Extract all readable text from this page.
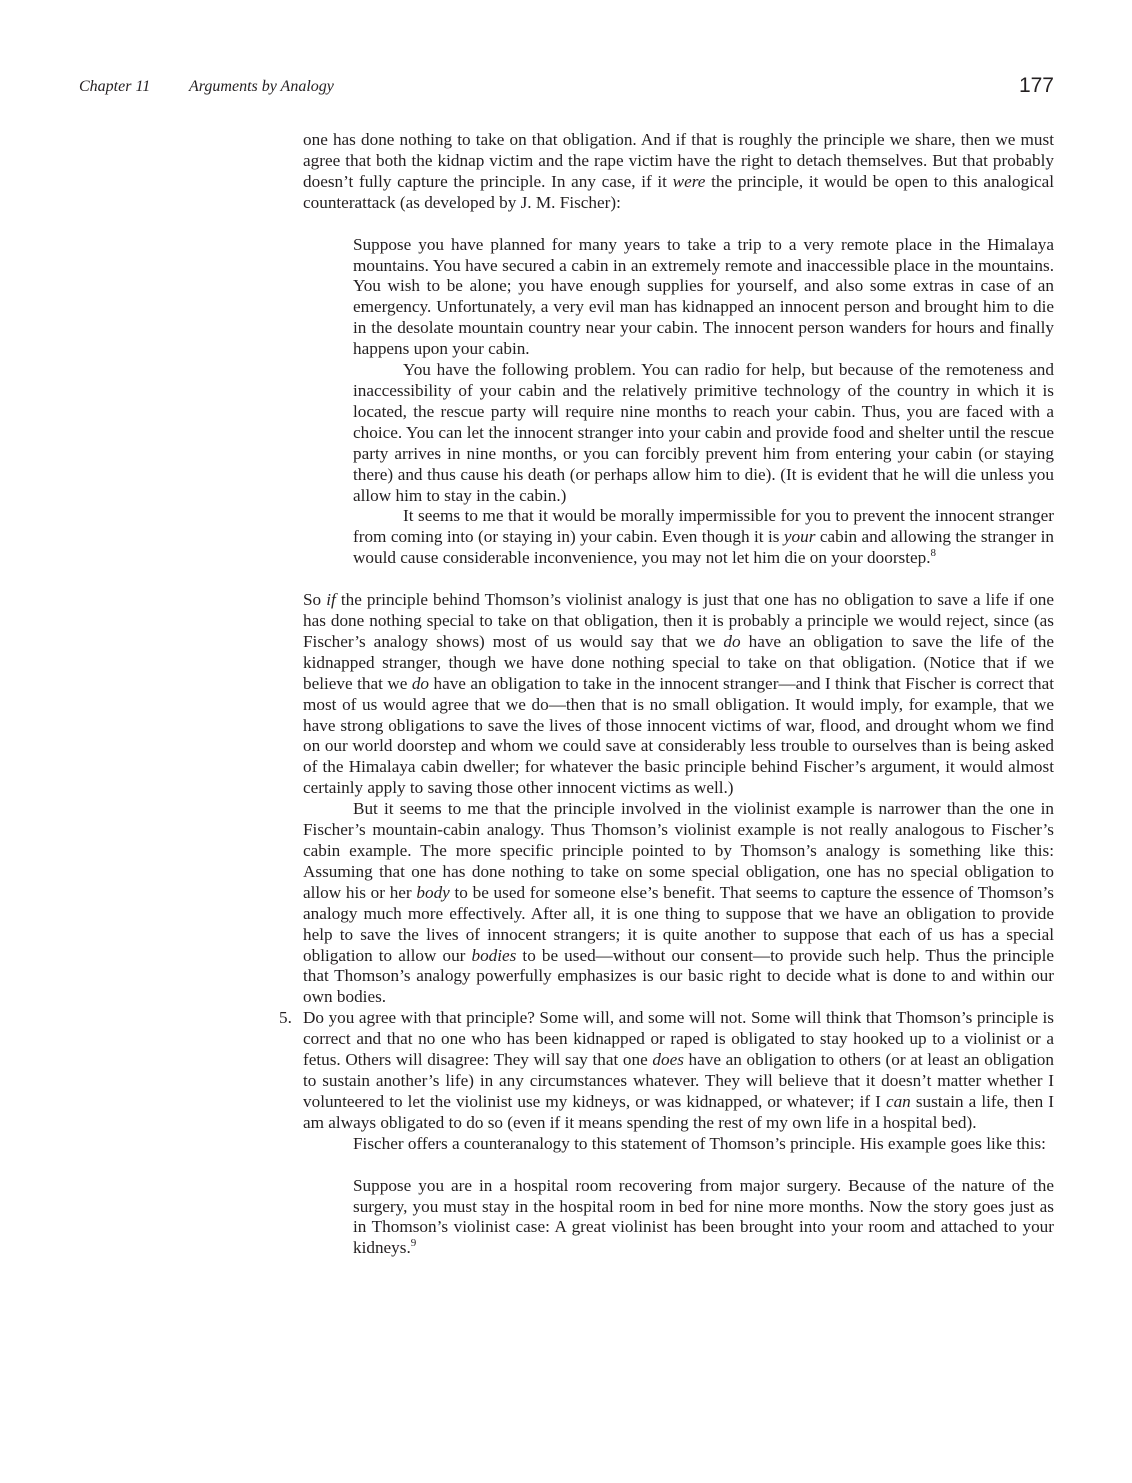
Chapter 11 Arguments by Analogy	177

one has done nothing to take on that obligation. And if that is roughly the principle we share, then we must agree that both the kidnap victim and the rape victim have the right to detach themselves. But that probably doesn’t fully capture the principle. In any case, if it were the principle, it would be open to this analogical counterattack (as developed by J. M. Fischer):

Suppose you have planned for many years to take a trip to a very remote place in the Himalaya mountains. You have secured a cabin in an extremely remote and inaccessible place in the mountains. You wish to be alone; you have enough supplies for yourself, and also some extras in case of an emergency. Unfortunately, a very evil man has kidnapped an innocent person and brought him to die in the desolate mountain country near your cabin. The innocent person wanders for hours and finally happens upon your cabin.

You have the following problem. You can radio for help, but because of the remoteness and inaccessibility of your cabin and the relatively primitive technology of the country in which it is located, the rescue party will require nine months to reach your cabin. Thus, you are faced with a choice. You can let the innocent stranger into your cabin and provide food and shelter until the rescue party arrives in nine months, or you can forcibly prevent him from entering your cabin (or staying there) and thus cause his death (or perhaps allow him to die). (It is evident that he will die unless you allow him to stay in the cabin.)

It seems to me that it would be morally impermissible for you to prevent the innocent stranger from coming into (or staying in) your cabin. Even though it is your cabin and allowing the stranger in would cause considerable inconvenience, you may not let him die on your doorstep.$^8$

So if the principle behind Thomson’s violinist analogy is just that one has no obligation to save a life if one has done nothing special to take on that obligation, then it is probably a principle we would reject, since (as Fischer’s analogy shows) most of us would say that we do have an obligation to save the life of the kidnapped stranger, though we have done nothing special to take on that obligation. (Notice that if we believe that we do have an obligation to take in the innocent stranger—and I think that Fischer is correct that most of us would agree that we do—then that is no small obligation. It would imply, for example, that we have strong obligations to save the lives of those innocent victims of war, flood, and drought whom we find on our world doorstep and whom we could save at considerably less trouble to ourselves than is being asked of the Himalaya cabin dweller; for whatever the basic principle behind Fischer’s argument, it would almost certainly apply to saving those other innocent victims as well.)

But it seems to me that the principle involved in the violinist example is narrower than the one in Fischer’s mountain-cabin analogy. Thus Thomson’s violinist example is not really analogous to Fischer’s cabin example. The more specific principle pointed to by Thomson’s analogy is something like this: Assuming that one has done nothing to take on some special obligation, one has no special obligation to allow his or her body to be used for someone else’s benefit. That seems to capture the essence of Thomson’s analogy much more effectively. After all, it is one thing to suppose that we have an obligation to provide help to save the lives of innocent strangers; it is quite another to suppose that each of us has a special obligation to allow our bodies to be used—without our consent—to provide such help. Thus the principle that Thomson’s analogy powerfully emphasizes is our basic right to decide what is done to and within our own bodies.

5. Do you agree with that principle? Some will, and some will not. Some will think that Thomson’s principle is correct and that no one who has been kidnapped or raped is obligated to stay hooked up to a violinist or a fetus. Others will disagree: They will say that one does have an obligation to others (or at least an obligation to sustain another’s life) in any circumstances whatever. They will believe that it doesn’t matter whether I volunteered to let the violinist use my kidneys, or was kidnapped, or whatever; if I can sustain a life, then I am always obligated to do so (even if it means spending the rest of my own life in a hospital bed).

Fischer offers a counteranalogy to this statement of Thomson’s principle. His example goes like this:

Suppose you are in a hospital room recovering from major surgery. Because of the nature of the surgery, you must stay in the hospital room in bed for nine more months. Now the story goes just as in Thomson’s violinist case: A great violinist has been brought into your room and attached to your kidneys.$^9$
